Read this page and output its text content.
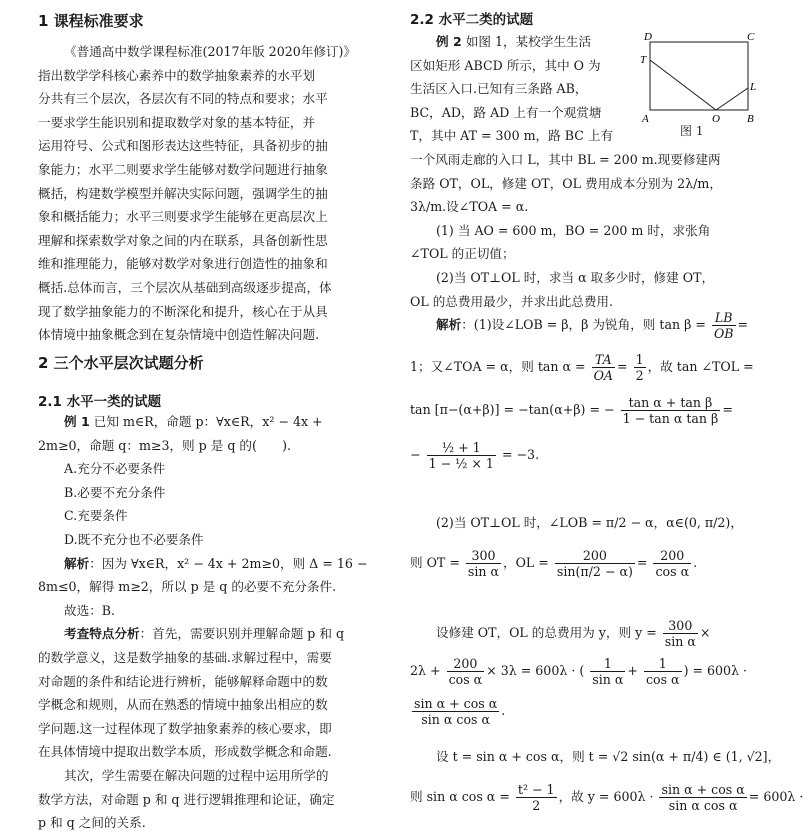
1 课程标准要求
《普通高中数学课程标准(2017年版 2020年修订)》
指出数学学科核心素养中的数学抽象素养的水平划
分共有三个层次，各层次有不同的特点和要求；水平
一要求学生能识别和提取数学对象的基本特征，并
运用符号、公式和图形表达这些特征，具备初步的抽
象能力；水平二则要求学生能够对数学问题进行抽象
概括，构建数学模型并解决实际问题，强调学生的抽
象和概括能力；水平三则要求学生能够在更高层次上
理解和探索数学对象之间的内在联系，具备创新性思
维和推理能力，能够对数学对象进行创造性的抽象和
概括.总体而言，三个层次从基础到高级逐步提高，体
现了数学抽象能力的不断深化和提升，核心在于从具
体情境中抽象概念到在复杂情境中创造性解决问题.
2 三个水平层次试题分析
2.1 水平一类的试题
例 1 已知 m∈R，命题 p：∀x∈R，x² − 4x +
2m≥0，命题 q：m≥3，则 p 是 q 的(　　).
A.充分不必要条件
B.必要不充分条件
C.充要条件
D.既不充分也不必要条件
解析：因为 ∀x∈R，x² − 4x + 2m≥0，则 Δ = 16 −
8m≤0，解得 m≥2，所以 p 是 q 的必要不充分条件.
故选：B.
考查特点分析：首先，需要识别并理解命题 p 和 q
的数学意义，这是数学抽象的基础.求解过程中，需要
对命题的条件和结论进行辨析，能够解释命题中的数
学概念和规则，从而在熟悉的情境中抽象出相应的数
学问题.这一过程体现了数学抽象素养的核心要求，即
在具体情境中提取出数学本质，形成数学概念和命题.
其次，学生需要在解决问题的过程中运用所学的
数学方法，对命题 p 和 q 进行逻辑推理和论证，确定
p 和 q 之间的关系.
2.2 水平二类的试题
D	C
T
L
A	O B
图 1
例 2 如图 1，某校学生生活
区如矩形 ABCD 所示，其中 O 为
生活区入口.已知有三条路 AB，
BC，AD，路 AD 上有一个观赏塘
T，其中 AT = 300 m，路 BC 上有
一个风雨走廊的入口 L，其中 BL = 200 m.现要修建两
条路 OT，OL，修建 OT，OL 费用成本分别为 2λ/m，
3λ/m.设∠TOA = α.
(1) 当 AO = 600 m，BO = 200 m 时，求张角
∠TOL 的正切值；
(2)当 OT⊥OL 时，求当 α 取多少时，修建 OT，
OL 的总费用最少，并求出此总费用.
解析：(1)设∠LOB = β，β 为锐角，则 $\tan \beta = \frac{LB}{OB}$ =
1；又∠TOA = α，则 $\tan \alpha = \frac{TA}{OA} = \frac{1}{2}$ ，故 tan ∠TOL =
tan [π−(α+β)] = −tan(α+β) = − $\frac{\text{tan α + tan β}}{\text{1 − tan α tan β}}$ =
− $\frac{\text{½ + 1}}{\text{1 − ½ × 1}} = -3$.
(2)当 OT⊥OL 时，∠LOB = π/2 − α，α∈(0, π/2)，
则 OT = $\frac{300}{\text{sin α}}$ ，OL = $\frac{200}{\sin(\pi/2 - \alpha)} = \frac{200}{\text{cos α}}$ .
设修建 OT，OL 的总费用为 y，则 $y = \frac{300}{\text{sin α}}$ ×
$2\lambda + \frac{200}{\text{cos α}} \times 3\lambda = 600\lambda$ · ( $\frac{1}{\text{sin α}} + \frac{1}{\text{cos α}}$ ) = 600λ ·
$\frac{\text{sin α + cos α}}{\text{sin α cos α}}$ .
设 t = sin α + cos α，则 t = √2 sin(α + π/4) ∈ (1, √2]，
则 sin α $\cos \alpha = \frac{\text{t² − 1}}{2}$ ，故 $y = 600\lambda \cdot \frac{\text{sin α + cos α}}{\text{sin α cos α}} = 600\lambda$ ·
